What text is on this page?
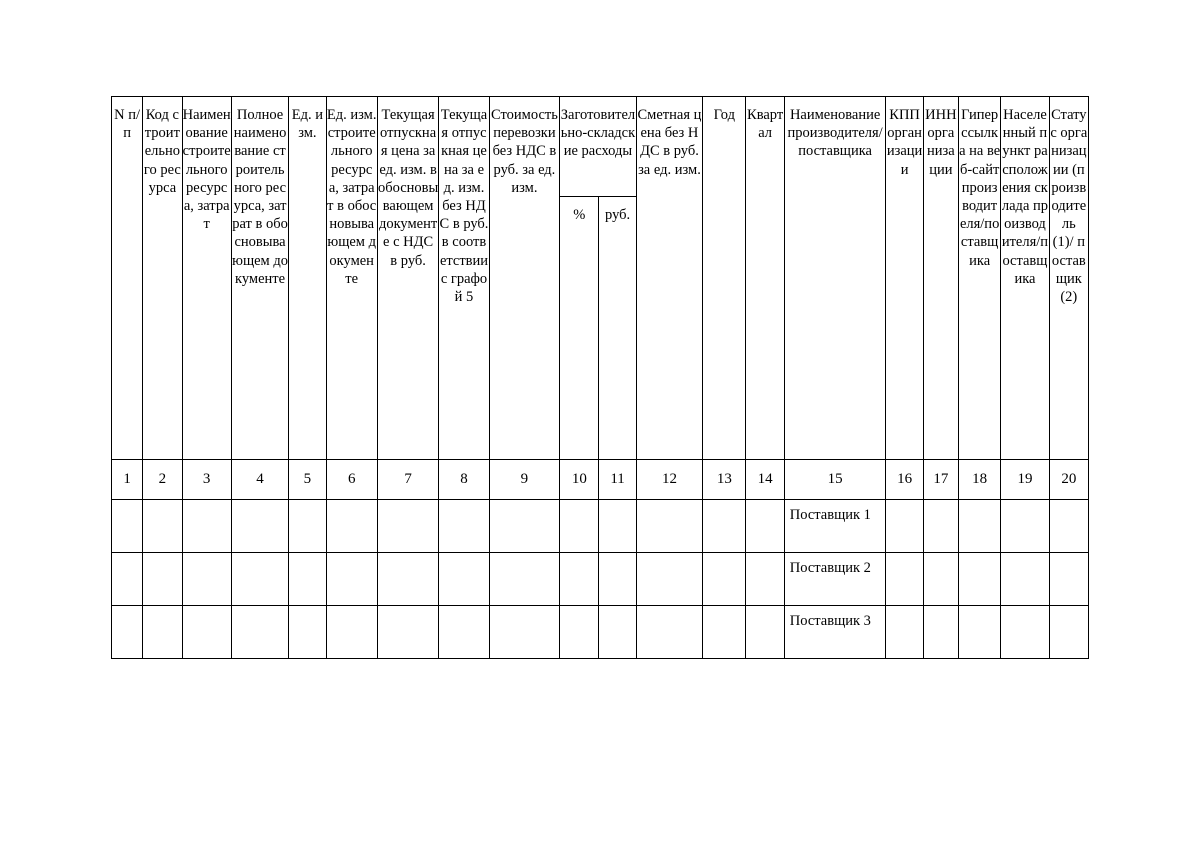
N п/п	Код строительного ресурса	Наименование строительного ресурса, затрат	Полное наименование строительного ресурса, затрат в обосновывающем документе	Ед. изм.	Ед. изм. строительного ресурса, затрат в обосновывающем документе	Текущая отпускная цена за ед. изм. в обосновывающем документе с НДС в руб.	Текущая отпускная цена за ед. изм. без НДС в руб. в соответствии с графой 5	Стоимость перевозки без НДС в руб. за ед. изм.	Заготовительно-складские расходы		Сметная цена без НДС в руб. за ед. изм.	Год	Квартал	Наименование производителя/поставщика	КПП организации	ИНН организации	Гиперссылка на веб-сайт производителя/поставщика	Населенный пункт расположения склада производителя/поставщика	Статус организации (производитель (1)/ поставщик (2)
									%	руб.									
1	2	3	4	5	6	7	8	9	10	11	12	13	14	15	16	17	18	19	20
														Поставщик 1					
														Поставщик 2					
														Поставщик 3					
